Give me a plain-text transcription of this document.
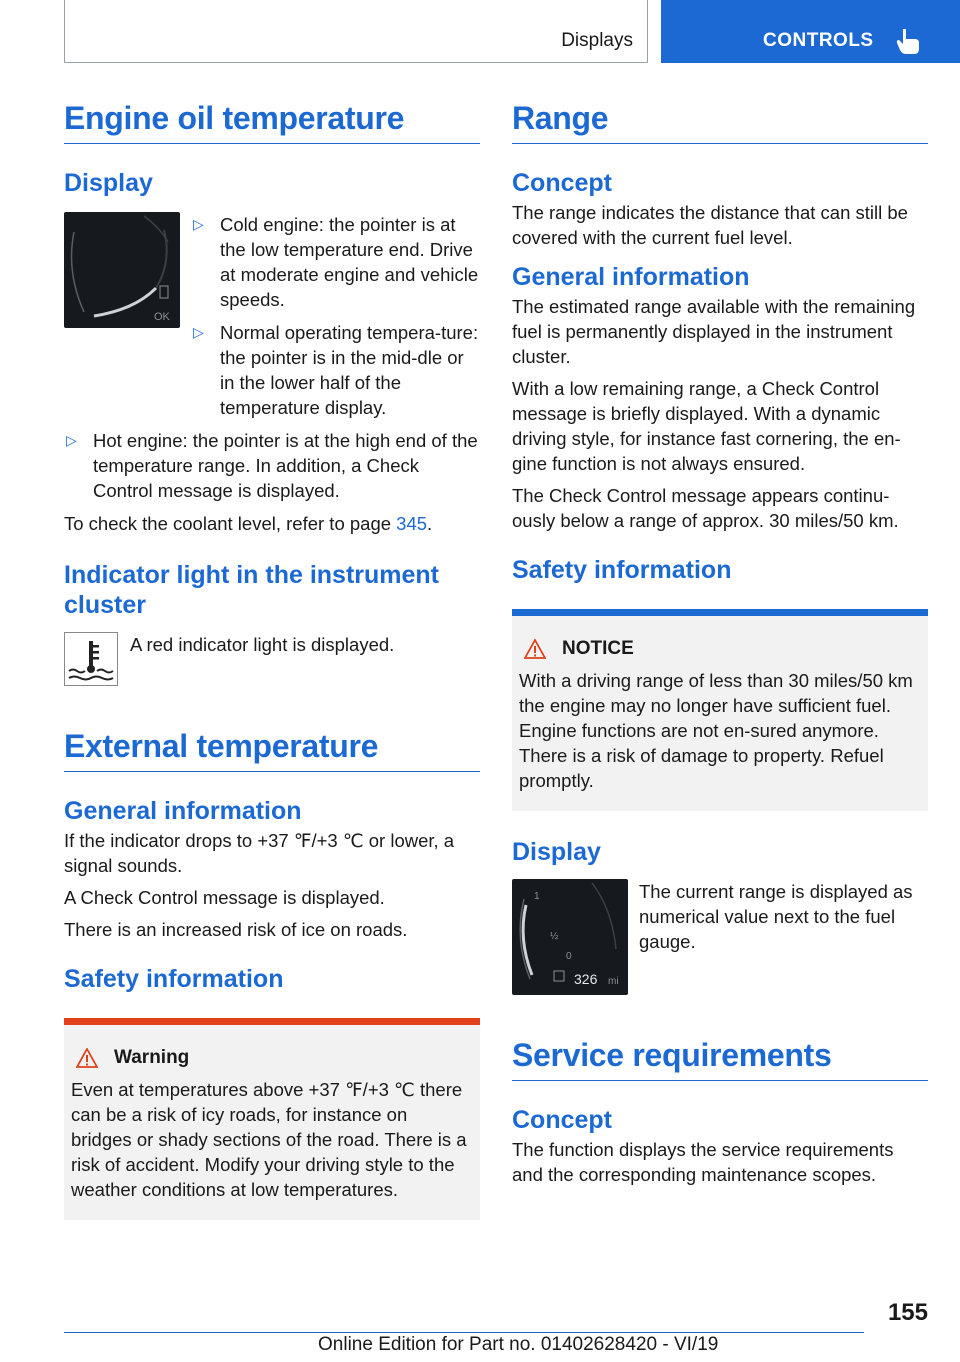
Displays	CONTROLS
Engine oil temperature
Display
OK
▷ Cold engine: the pointer is at the low temperature end. Drive at moderate engine and vehicle speeds.
▷ Normal operating tempera-ture: the pointer is in the mid-dle or in the lower half of the temperature display.
▷ Hot engine: the pointer is at the high end of the temperature range. In addition, a Check Control message is displayed.

To check the coolant level, refer to page 345.

Indicator light in the instrument cluster

A red indicator light is displayed.

External temperature
General information

If the indicator drops to +37 ℉/+3 ℃ or lower, a signal sounds.

A Check Control message is displayed.

There is an increased risk of ice on roads.

Safety information
Warning

Even at temperatures above +37 ℉/+3 ℃ there can be a risk of icy roads, for instance on bridges or shady sections of the road. There is a risk of accident. Modify your driving style to the weather conditions at low temperatures.

Range
Concept

The range indicates the distance that can still be covered with the current fuel level.

General information

The estimated range available with the remaining fuel is permanently displayed in the instrument cluster.

With a low remaining range, a Check Control message is briefly displayed. With a dynamic driving style, for instance fast cornering, the en-gine function is not always ensured.

The Check Control message appears continu-ously below a range of approx. 30 miles/50 km.

Safety information
NOTICE

With a driving range of less than 30 miles/50 km the engine may no longer have sufficient fuel. Engine functions are not en-sured anymore. There is a risk of damage to property. Refuel promptly.

Display
1
½
0
326 mi

The current range is displayed as numerical value next to the fuel gauge.

Service requirements
Concept

The function displays the service requirements and the corresponding maintenance scopes.

155
Online Edition for Part no. 01402628420 - VI/19
